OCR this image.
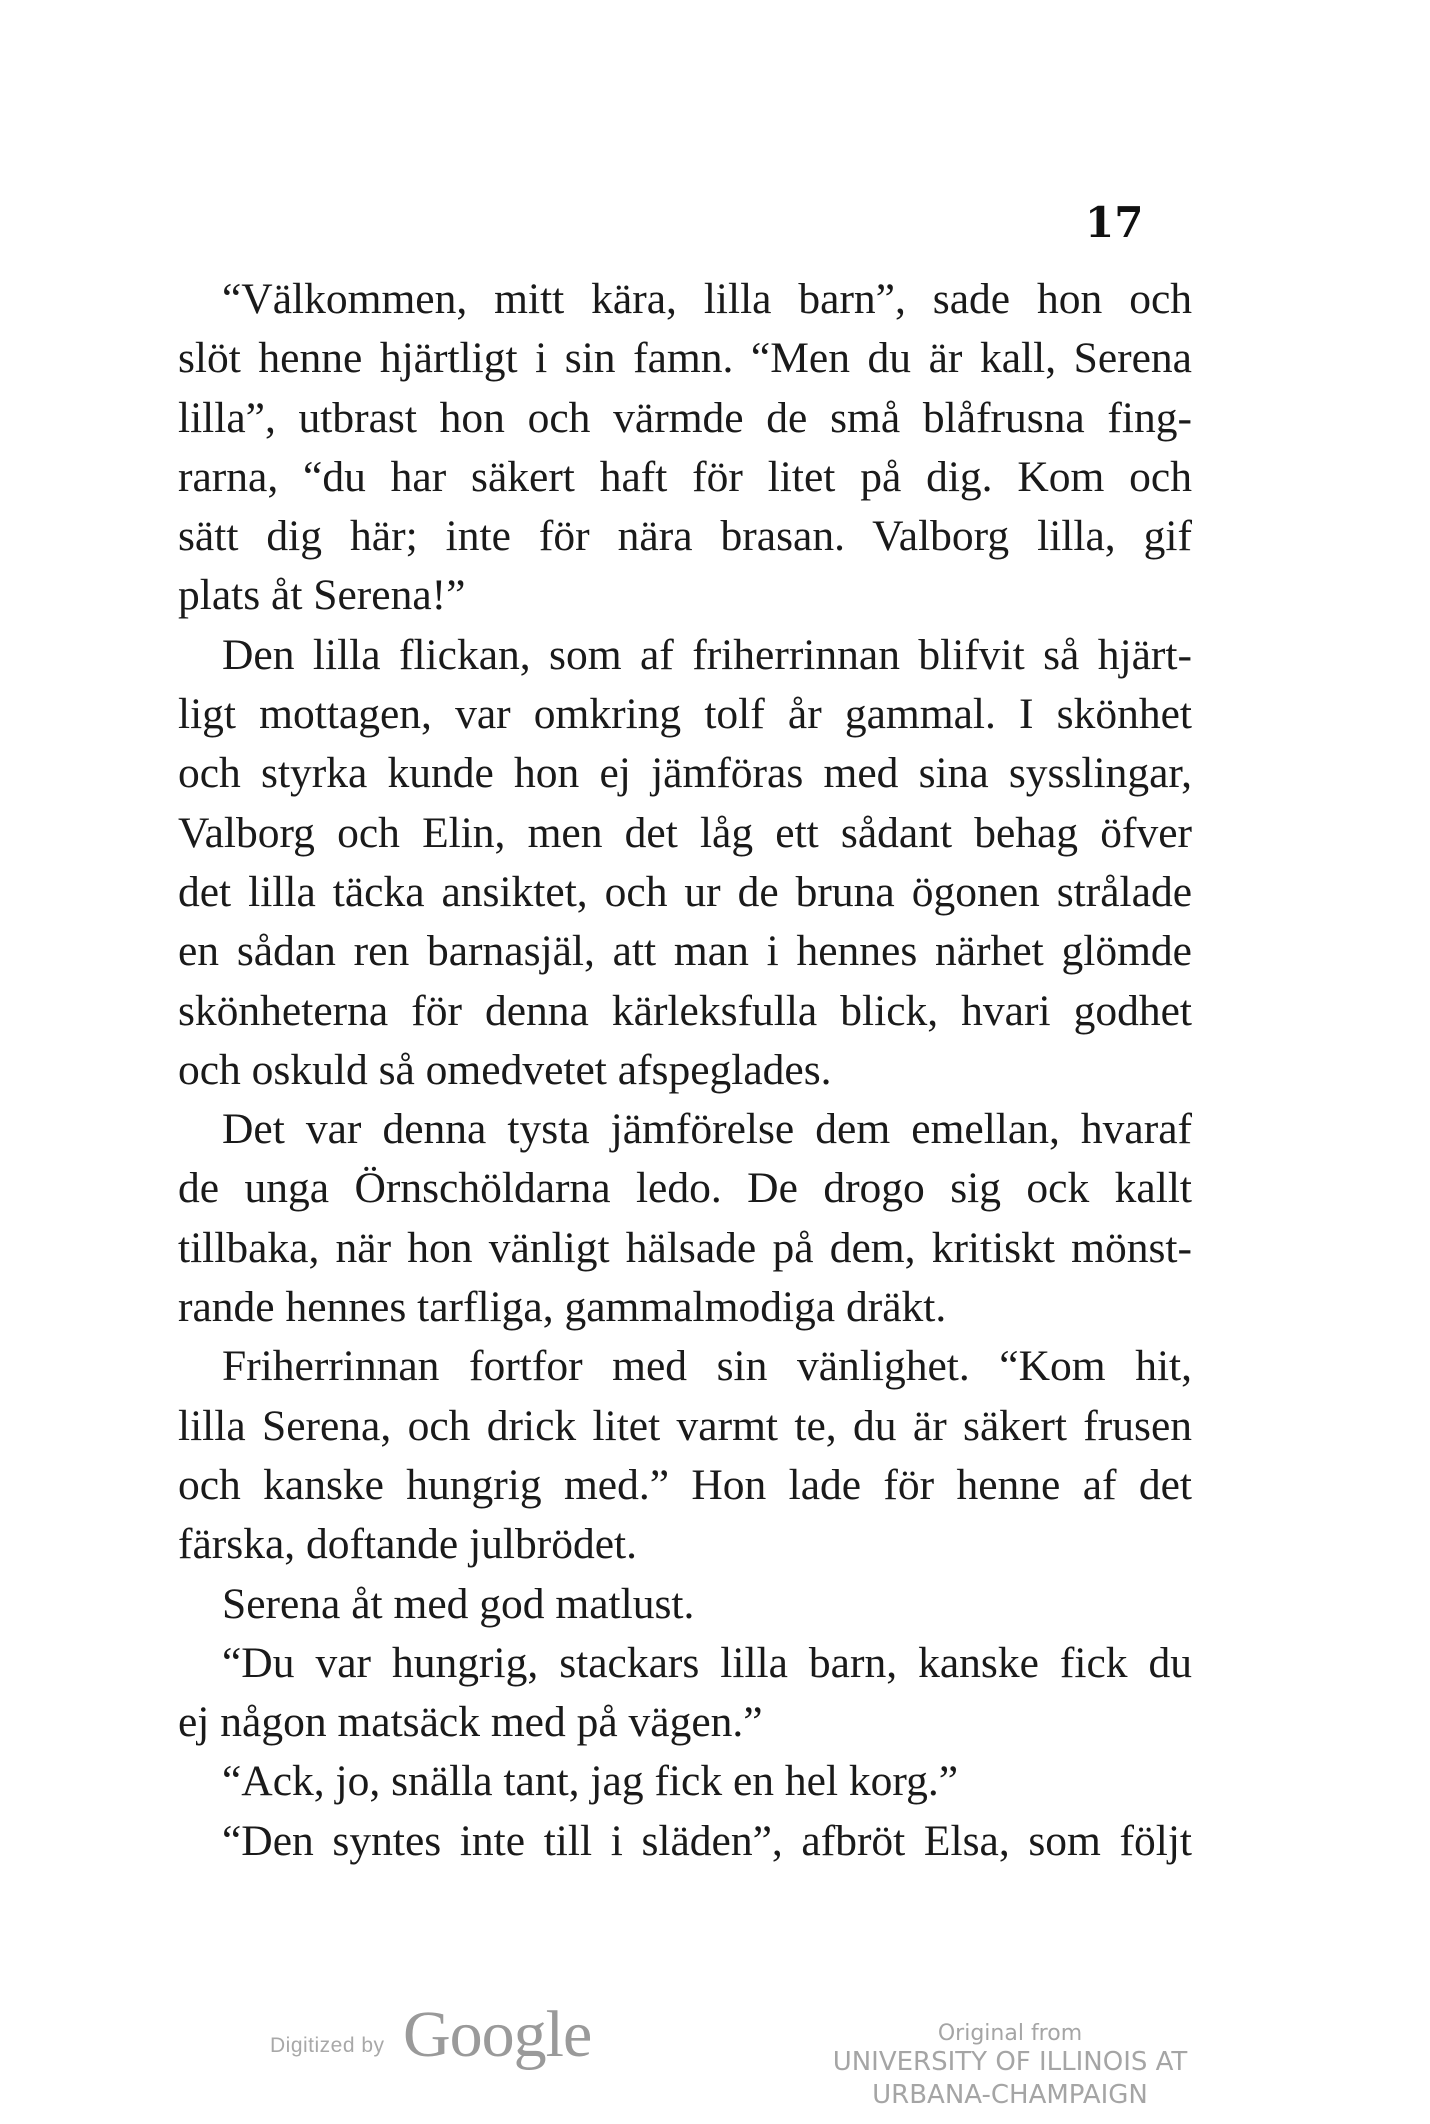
17
“Välkommen, mitt kära, lilla barn”, sade hon och
slöt henne hjärtligt i sin famn. “Men du är kall, Serena
lilla”, utbrast hon och värmde de små blåfrusna fing-
rarna, “du har säkert haft för litet på dig. Kom och
sätt dig här; inte för nära brasan. Valborg lilla, gif
plats åt Serena!”
Den lilla flickan, som af friherrinnan blifvit så hjärt-
ligt mottagen, var omkring tolf år gammal. I skönhet
och styrka kunde hon ej jämföras med sina sysslingar,
Valborg och Elin, men det låg ett sådant behag öfver
det lilla täcka ansiktet, och ur de bruna ögonen strålade
en sådan ren barnasjäl, att man i hennes närhet glömde
skönheterna för denna kärleksfulla blick, hvari godhet
och oskuld så omedvetet afspeglades.
Det var denna tysta jämförelse dem emellan, hvaraf
de unga Örnschöldarna ledo. De drogo sig ock kallt
tillbaka, när hon vänligt hälsade på dem, kritiskt mönst-
rande hennes tarfliga, gammalmodiga dräkt.
Friherrinnan fortfor med sin vänlighet. “Kom hit,
lilla Serena, och drick litet varmt te, du är säkert frusen
och kanske hungrig med.” Hon lade för henne af det
färska, doftande julbrödet.
Serena åt med god matlust.
“Du var hungrig, stackars lilla barn, kanske fick du
ej någon matsäck med på vägen.”
“Ack, jo, snälla tant, jag fick en hel korg.”
“Den syntes inte till i släden”, afbröt Elsa, som följt
Digitized by Google	Original from
UNIVERSITY OF ILLINOIS AT
URBANA-CHAMPAIGN
